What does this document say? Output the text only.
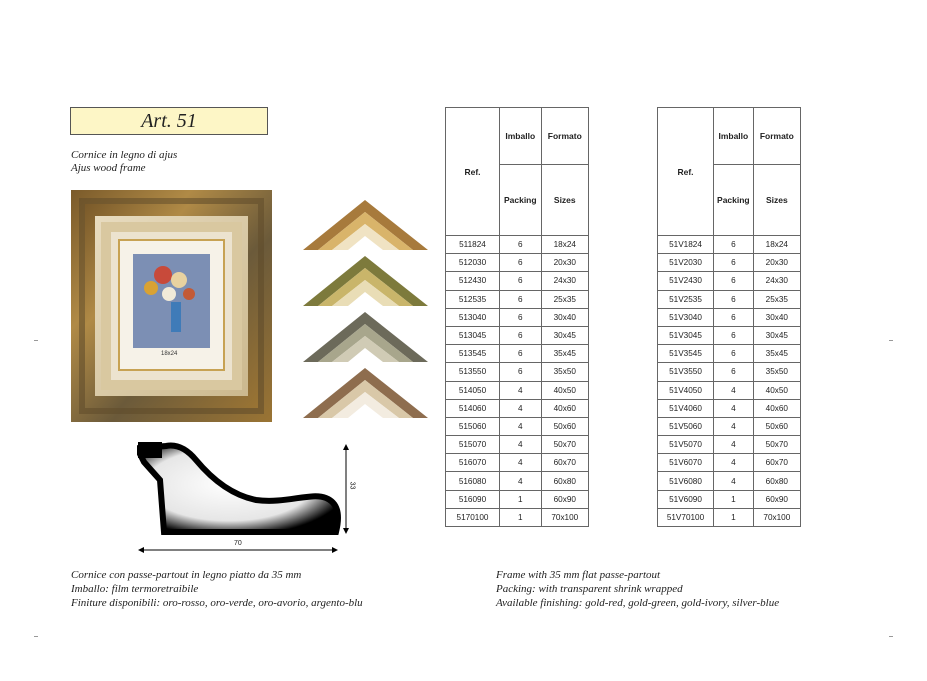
Art. 51
Cornice in legno di ajus
Ajus wood frame
18x24
70
33
Ref.	Imballo	Formato
	Packing	Sizes
511824	6	18x24
512030	6	20x30
512430	6	24x30
512535	6	25x35
513040	6	30x40
513045	6	30x45
513545	6	35x45
513550	6	35x50
514050	4	40x50
514060	4	40x60
515060	4	50x60
515070	4	50x70
516070	4	60x70
516080	4	60x80
516090	1	60x90
5170100	1	70x100
Ref.	Imballo	Formato
	Packing	Sizes
51V1824	6	18x24
51V2030	6	20x30
51V2430	6	24x30
51V2535	6	25x35
51V3040	6	30x40
51V3045	6	30x45
51V3545	6	35x45
51V3550	6	35x50
51V4050	4	40x50
51V4060	4	40x60
51V5060	4	50x60
51V5070	4	50x70
51V6070	4	60x70
51V6080	4	60x80
51V6090	1	60x90
51V70100	1	70x100
Cornice con passe-partout in legno piatto da 35 mm
Imballo: film termoretraibile
Finiture disponibili: oro-rosso, oro-verde, oro-avorio, argento-blu
Frame with 35 mm flat passe-partout
Packing: with transparent shrink wrapped
Available finishing: gold-red, gold-green, gold-ivory, silver-blue
